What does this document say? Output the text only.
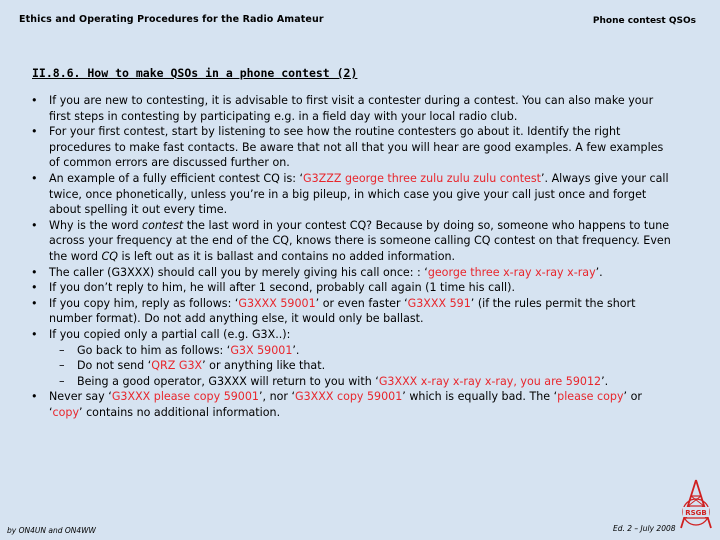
Ethics and Operating Procedures for the Radio Amateur	Phone contest QSOs
II.8.6. How to make QSOs in a phone contest (2)
• If you are new to contesting, it is advisable to first visit a contester during a contest. You can also make your first steps in contesting by participating e.g. in a field day with your local radio club.
• For your first contest, start by listening to see how the routine contesters go about it. Identify the right procedures to make fast contacts. Be aware that not all that you will hear are good examples. A few examples of common errors are discussed further on.
• An example of a fully efficient contest CQ is: ‘G3ZZZ george three zulu zulu zulu contest’. Always give your call twice, once phonetically, unless you’re in a big pileup, in which case you give your call just once and forget about spelling it out every time.
• Why is the word contest the last word in your contest CQ? Because by doing so, someone who happens to tune across your frequency at the end of the CQ, knows there is someone calling CQ contest on that frequency. Even the word CQ is left out as it is ballast and contains no added information.
• The caller (G3XXX) should call you by merely giving his call once: : ‘george three x-ray x-ray x-ray’.
• If you don’t reply to him, he will after 1 second, probably call again (1 time his call).
• If you copy him, reply as follows: ‘G3XXX 59001’ or even faster ‘G3XXX 591’ (if the rules permit the short number format). Do not add anything else, it would only be ballast.
• If you copied only a partial call (e.g. G3X..):
– Go back to him as follows: ‘G3X 59001’.
– Do not send ‘QRZ G3X’ or anything like that.
– Being a good operator, G3XXX will return to you with ‘G3XXX x-ray x-ray x-ray, you are 59012’.
• Never say ‘G3XXX please copy 59001’, nor ‘G3XXX copy 59001’ which is equally bad. The ‘please copy’ or ‘copy’ contains no additional information.
by ON4UN and ON4WW	Ed. 2 – July 2008
RSGB
